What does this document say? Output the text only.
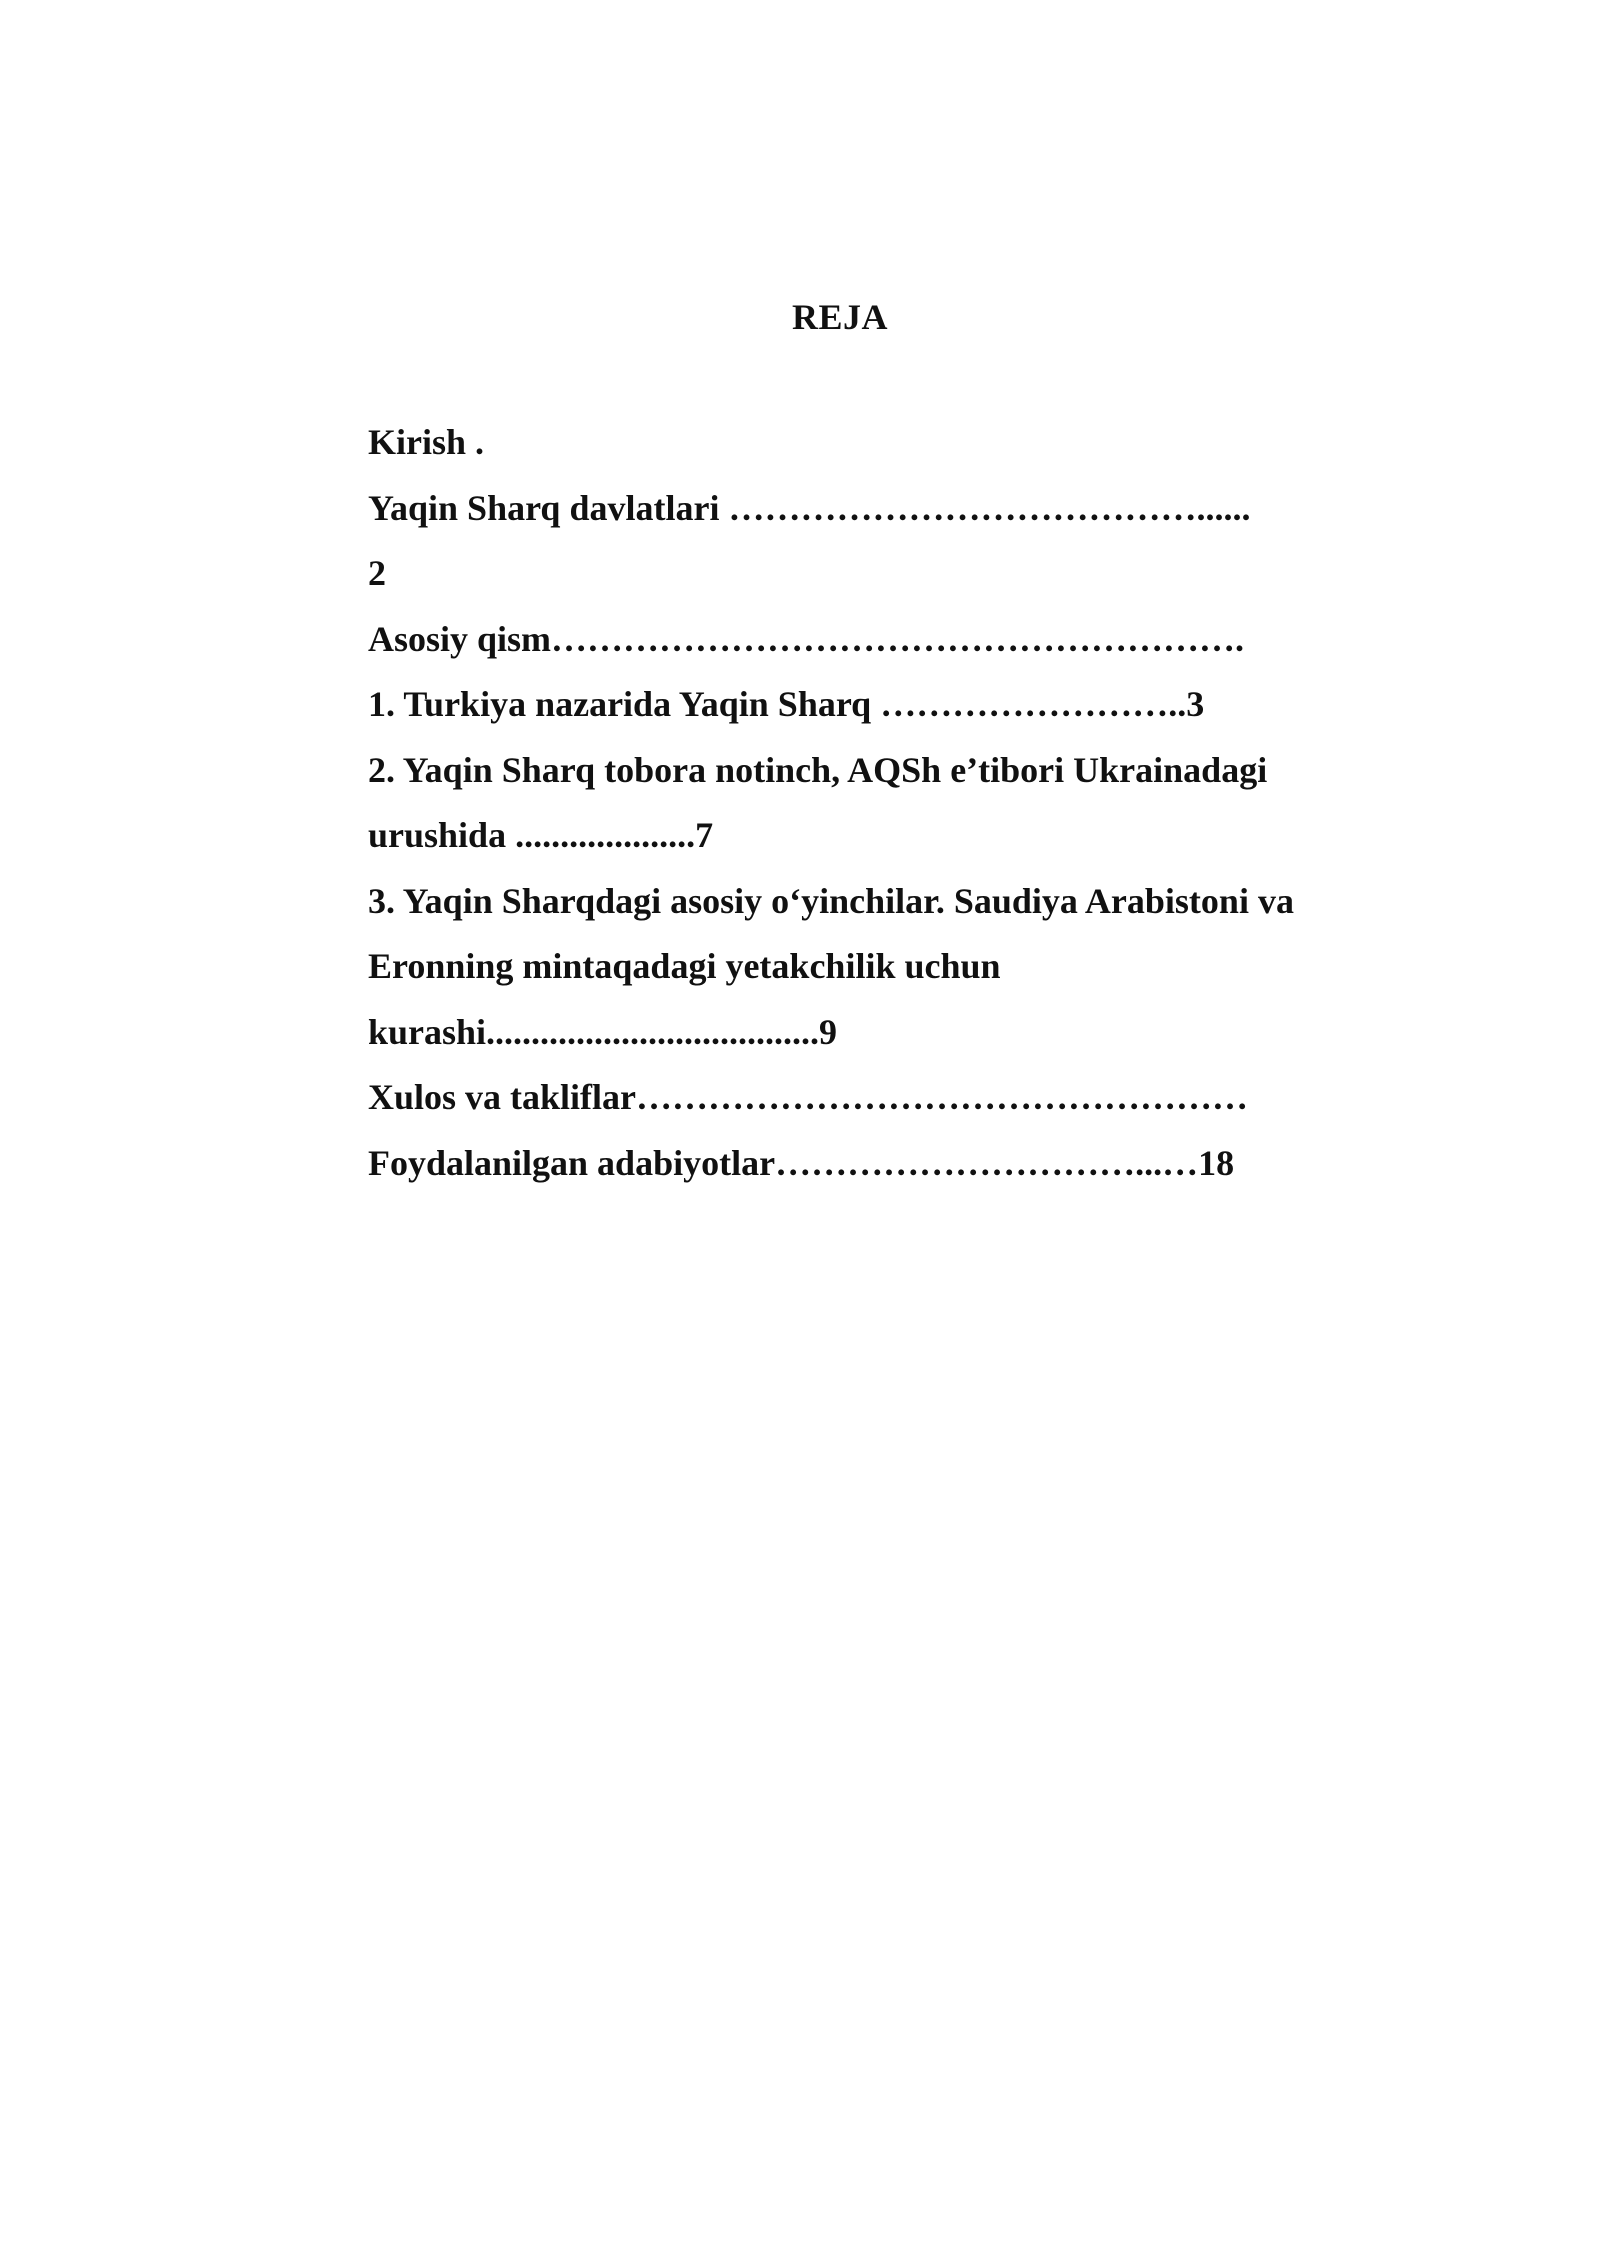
REJA
Kirish .
Yaqin Sharq davlatlari …………………………………......
2
Asosiy qism………………………………………………….
1. Turkiya nazarida Yaqin Sharq ……………………..3
2. Yaqin Sharq tobora notinch, AQSh e’tibori Ukrainadagi
urushida ....................7
3. Yaqin Sharqdagi asosiy o‘yinchilar. Saudiya Arabistoni va
Eronning mintaqadagi yetakchilik uchun
kurashi.....................................9
Xulos va takliflar……………………………………………
Foydalanilgan adabiyotlar…………………………...…18
